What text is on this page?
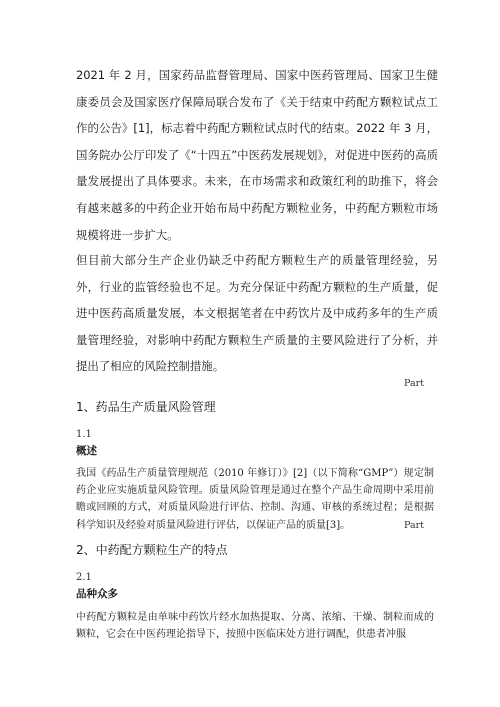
2021 年 2 月，国家药品监督管理局、国家中医药管理局、国家卫生健康委员会及国家医疗保障局联合发布了《关于结束中药配方颗粒试点工作的公告》[1]，标志着中药配方颗粒试点时代的结束。2022 年 3 月，国务院办公厅印发了《“十四五”中医药发展规划》，对促进中医药的高质量发展提出了具体要求。未来，在市场需求和政策红利的助推下，将会有越来越多的中药企业开始布局中药配方颗粒业务，中药配方颗粒市场规模将进一步扩大。

但目前大部分生产企业仍缺乏中药配方颗粒生产的质量管理经验，另外，行业的监管经验也不足。为充分保证中药配方颗粒的生产质量，促进中医药高质量发展，本文根据笔者在中药饮片及中成药多年的生产质量管理经验，对影响中药配方颗粒生产质量的主要风险进行了分析，并提出了相应的风险控制措施。

Part
1、药品生产质量风险管理
1.1
概述

我国《药品生产质量管理规范（2010 年修订）》[2]（以下简称“GMP”）规定制药企业应实施质量风险管理。质量风险管理是通过在整个产品生命周期中采用前瞻或回顾的方式，对质量风险进行评估、控制、沟通、审核的系统过程；是根据科学知识及经验对质量风险进行评估，以保证产品的质量[3]。	Part
2、中药配方颗粒生产的特点
2.1
品种众多

中药配方颗粒是由单味中药饮片经水加热提取、分离、浓缩、干燥、制粒而成的颗粒，它会在中医药理论指导下，按照中医临床处方进行调配，供患者冲服
